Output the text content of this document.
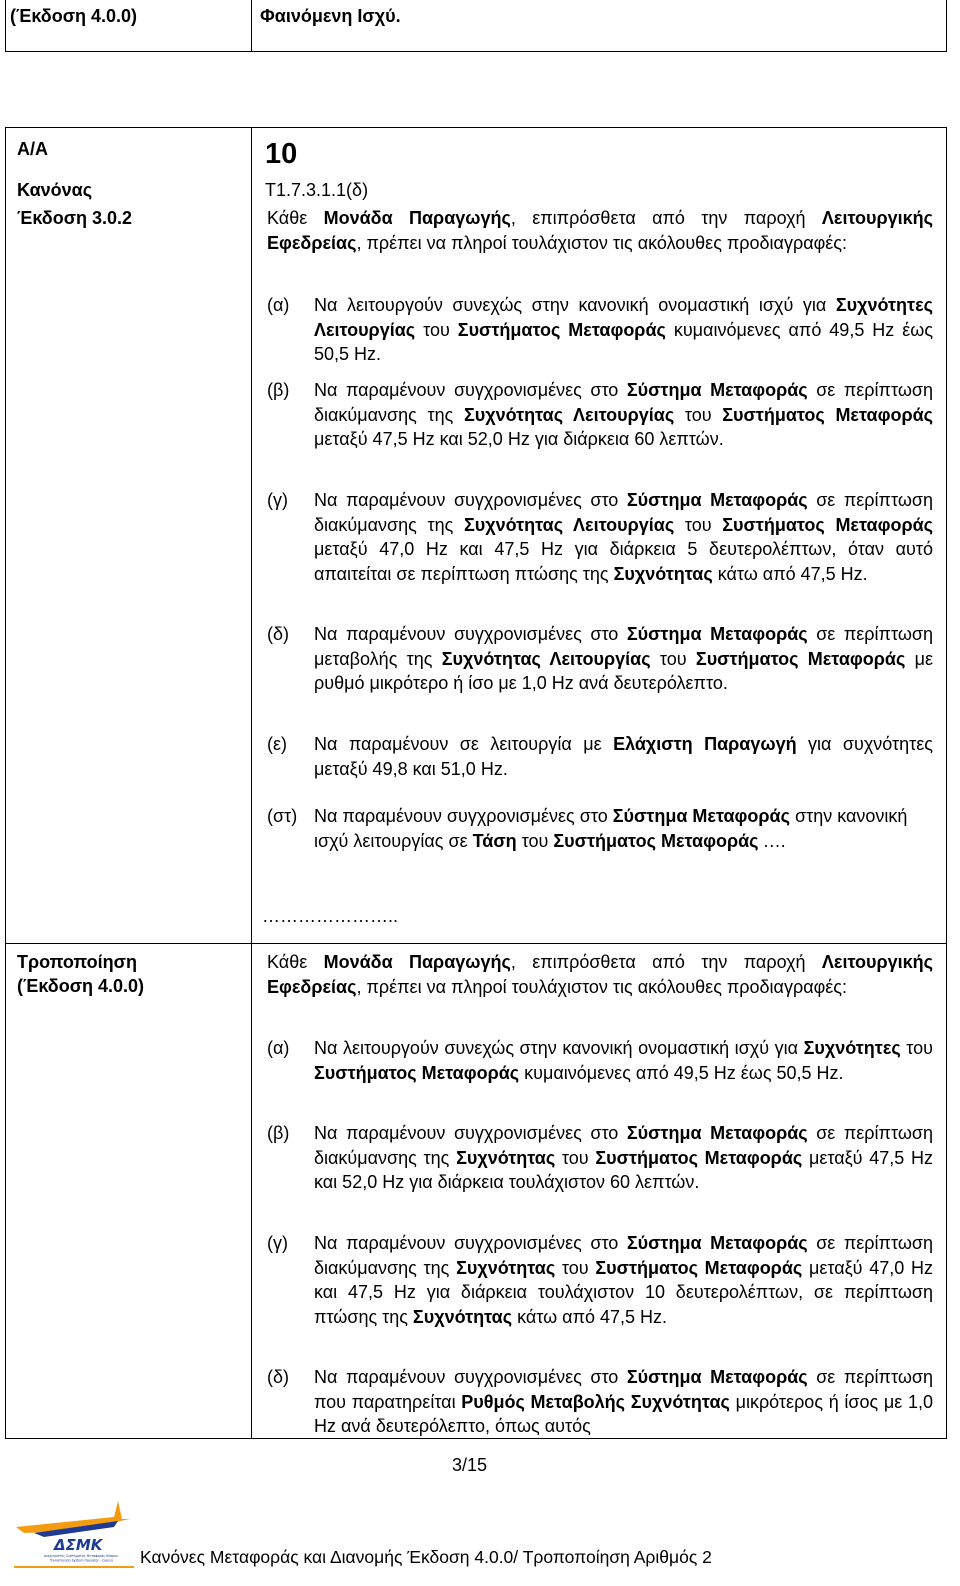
(Έκδοση 4.0.0)	Φαινόμενη Ισχύ.
Α/Α
Κανόνας
Έκδοση 3.0.2
Τροποποίηση
(Έκδοση 4.0.0)
10
Τ1.7.3.1.1(δ)
Κάθε Μονάδα Παραγωγής, επιπρόσθετα από την παροχή Λειτουργικής Εφεδρείας, πρέπει να πληροί τουλάχιστον τις ακόλουθες προδιαγραφές:
(α) Να λειτουργούν συνεχώς στην κανονική ονομαστική ισχύ για Συχνότητες Λειτουργίας του Συστήματος Μεταφοράς κυμαινόμενες από 49,5 Hz έως 50,5 Hz.
(β) Να παραμένουν συγχρονισμένες στο Σύστημα Μεταφοράς σε περίπτωση διακύμανσης της Συχνότητας Λειτουργίας του Συστήματος Μεταφοράς μεταξύ 47,5 Hz και 52,0 Hz για διάρκεια 60 λεπτών.
(γ) Να παραμένουν συγχρονισμένες στο Σύστημα Μεταφοράς σε περίπτωση διακύμανσης της Συχνότητας Λειτουργίας του Συστήματος Μεταφοράς μεταξύ 47,0 Hz και 47,5 Hz για διάρκεια 5 δευτερολέπτων, όταν αυτό απαιτείται σε περίπτωση πτώσης της Συχνότητας κάτω από 47,5 Hz.
(δ) Να παραμένουν συγχρονισμένες στο Σύστημα Μεταφοράς σε περίπτωση μεταβολής της Συχνότητας Λειτουργίας του Συστήματος Μεταφοράς με ρυθμό μικρότερο ή ίσο με 1,0 Hz ανά δευτερόλεπτο.
(ε) Να παραμένουν σε λειτουργία με Ελάχιστη Παραγωγή για συχνότητες μεταξύ 49,8 και 51,0 Hz.
(στ) Να παραμένουν συγχρονισμένες στο Σύστημα Μεταφοράς στην κανονική ισχύ λειτουργίας σε Τάση του Συστήματος Μεταφοράς .…
…………………..
Κάθε Μονάδα Παραγωγής, επιπρόσθετα από την παροχή Λειτουργικής Εφεδρείας, πρέπει να πληροί τουλάχιστον τις ακόλουθες προδιαγραφές:
(α) Να λειτουργούν συνεχώς στην κανονική ονομαστική ισχύ για Συχνότητες του Συστήματος Μεταφοράς κυμαινόμενες από 49,5 Hz έως 50,5 Hz.
(β) Να παραμένουν συγχρονισμένες στο Σύστημα Μεταφοράς σε περίπτωση διακύμανσης της Συχνότητας του Συστήματος Μεταφοράς μεταξύ 47,5 Hz και 52,0 Hz για διάρκεια τουλάχιστον 60 λεπτών.
(γ) Να παραμένουν συγχρονισμένες στο Σύστημα Μεταφοράς σε περίπτωση διακύμανσης της Συχνότητας του Συστήματος Μεταφοράς μεταξύ 47,0 Hz και 47,5 Hz για διάρκεια τουλάχιστον 10 δευτερολέπτων, σε περίπτωση πτώσης της Συχνότητας κάτω από 47,5 Hz.
(δ) Να παραμένουν συγχρονισμένες στο Σύστημα Μεταφοράς σε περίπτωση που παρατηρείται Ρυθμός Μεταβολής Συχνότητας μικρότερος ή ίσος με 1,0 Hz ανά δευτερόλεπτο, όπως αυτός
3/15
ΔΣΜΚ
Διαχειριστής Συστήματος Μεταφοράς Κύπρου
Transmission System Operator - Cyprus Κανόνες Μεταφοράς και Διανομής Έκδοση 4.0.0/ Τροποποίηση Αριθμός 2
